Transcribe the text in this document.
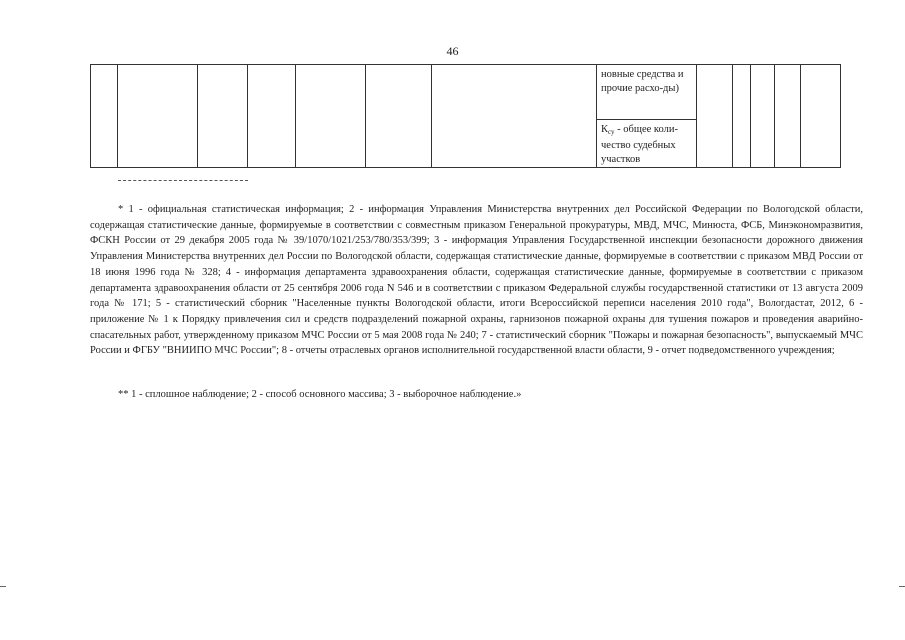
46

новные средства и прочие расхо-ды)

$К_{су}$ - общее коли-чество судебных участков

* 1 - официальная статистическая информация; 2 - информация Управления Министерства внутренних дел Российской Федерации по Вологодской области, содержащая статистические данные, формируемые в соответствии с совместным приказом Генеральной прокуратуры, МВД, МЧС, Минюста, ФСБ, Минэкономразвития, ФСКН России от 29 декабря 2005 года № 39/1070/1021/253/780/353/399; 3 - информация Управления Государственной инспекции безопасности дорожного движения Управления Министерства внутренних дел России по Вологодской области, содержащая статистические данные, формируемые в соответствии с приказом МВД России от 18 июня 1996 года № 328; 4 - информация департамента здравоохранения области, содержащая статистические данные, формируемые в соответствии с приказом департамента здравоохранения области от 25 сентября 2006 года N 546 и в соответствии с приказом Федеральной службы государственной статистики от 13 августа 2009 года № 171; 5 - статистический сборник "Населенные пункты Вологодской области, итоги Всероссийской переписи населения 2010 года", Вологдастат, 2012, 6 - приложение № 1 к Порядку привлечения сил и средств подразделений пожарной охраны, гарнизонов пожарной охраны для тушения пожаров и проведения аварийно-спасательных работ, утвержденному приказом МЧС России от 5 мая 2008 года № 240; 7 - статистический сборник "Пожары и пожарная безопасность", выпускаемый МЧС России и ФГБУ "ВНИИПО МЧС России"; 8 - отчеты отраслевых органов исполнительной государственной власти области, 9 - отчет подведомственного учреждения;

** 1 - сплошное наблюдение; 2 - способ основного массива; 3 - выборочное наблюдение.»
